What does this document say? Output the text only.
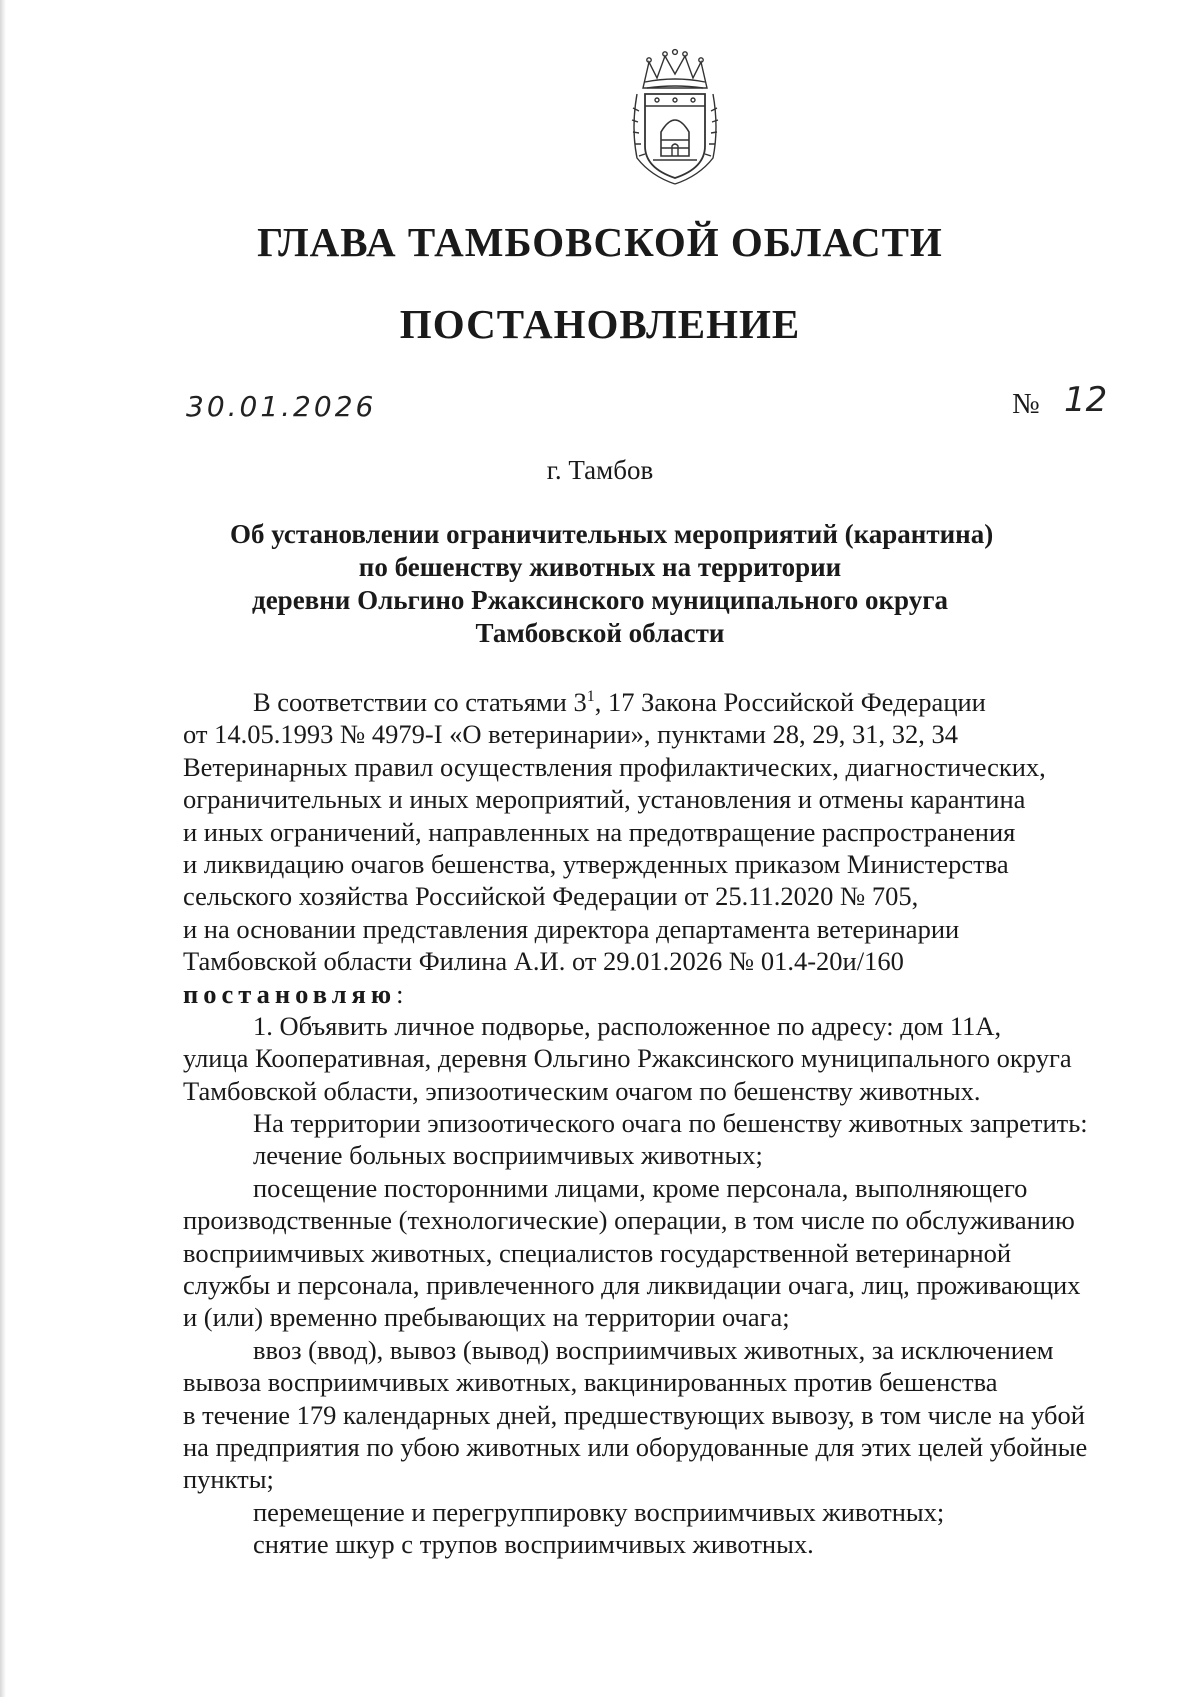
ГЛАВА ТАМБОВСКОЙ ОБЛАСТИ
ПОСТАНОВЛЕНИЕ
30.01.2026	№ 12
г. Тамбов
Об установлении ограничительных мероприятий (карантина)
по бешенству животных на территории
деревни Ольгино Ржаксинского муниципального округа
Тамбовской области
В соответствии со статьями $3^1$, 17 Закона Российской Федерации
от 14.05.1993 № 4979-I «О ветеринарии», пунктами 28, 29, 31, 32, 34
Ветеринарных правил осуществления профилактических, диагностических,
ограничительных и иных мероприятий, установления и отмены карантина
и иных ограничений, направленных на предотвращение распространения
и ликвидацию очагов бешенства, утвержденных приказом Министерства
сельского хозяйства Российской Федерации от 25.11.2020 № 705,
и на основании представления директора департамента ветеринарии
Тамбовской области Филина А.И. от 29.01.2026 № 01.4-20и/160
постановляю:
1. Объявить личное подворье, расположенное по адресу: дом 11А,
улица Кооперативная, деревня Ольгино Ржаксинского муниципального округа
Тамбовской области, эпизоотическим очагом по бешенству животных.
На территории эпизоотического очага по бешенству животных запретить:
лечение больных восприимчивых животных;
посещение посторонними лицами, кроме персонала, выполняющего
производственные (технологические) операции, в том числе по обслуживанию
восприимчивых животных, специалистов государственной ветеринарной
службы и персонала, привлеченного для ликвидации очага, лиц, проживающих
и (или) временно пребывающих на территории очага;
ввоз (ввод), вывоз (вывод) восприимчивых животных, за исключением
вывоза восприимчивых животных, вакцинированных против бешенства
в течение 179 календарных дней, предшествующих вывозу, в том числе на убой
на предприятия по убою животных или оборудованные для этих целей убойные
пункты;
перемещение и перегруппировку восприимчивых животных;
снятие шкур с трупов восприимчивых животных.
